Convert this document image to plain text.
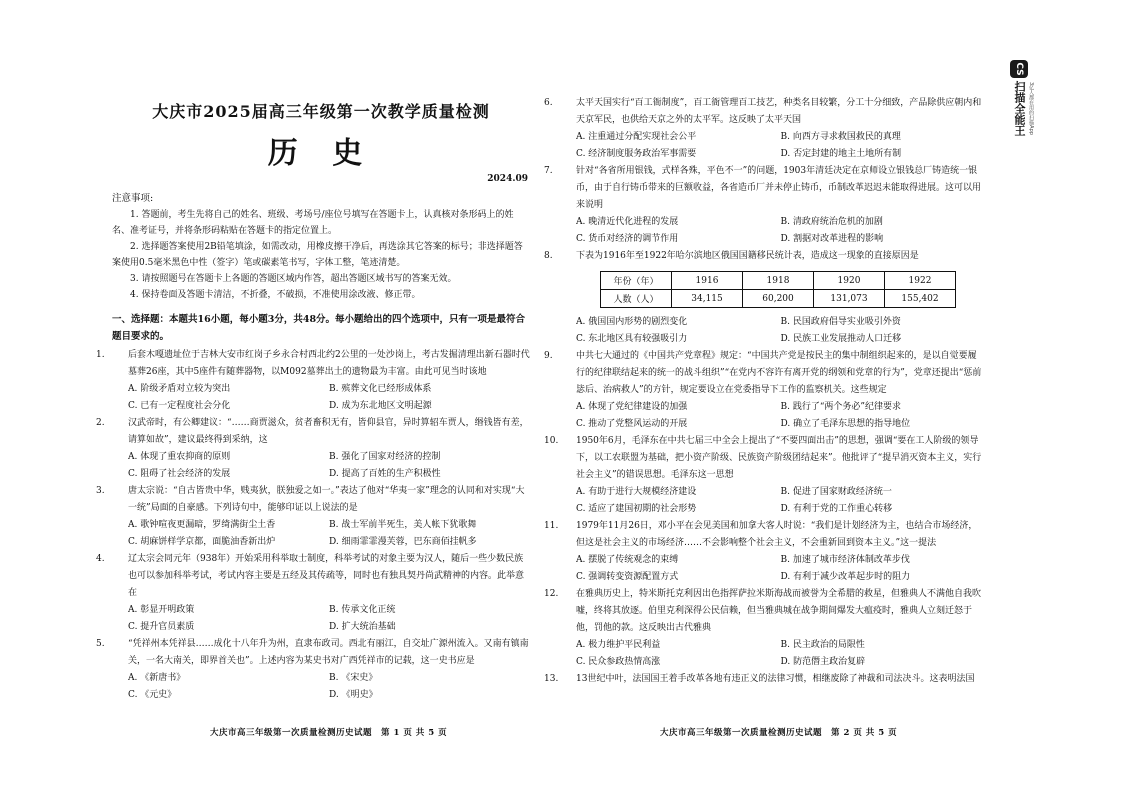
大庆市2025届高三年级第一次教学质量检测
历 史
2024.09
注意事项:

1. 答题前，考生先将自己的姓名、班级、考场号/座位号填写在答题卡上，认真核对条形码上的姓名、准考证号，并将条形码粘贴在答题卡的指定位置上。

2. 选择题答案使用2B铅笔填涂，如需改动，用橡皮擦干净后，再选涂其它答案的标号；非选择题答案使用0.5毫米黑色中性（签字）笔或碳素笔书写，字体工整，笔迹清楚。

3. 请按照题号在答题卡上各题的答题区域内作答，超出答题区域书写的答案无效。

4. 保持卷面及答题卡清洁，不折叠，不破损，不准使用涂改液、修正带。

一、选择题：本题共16小题，每小题3分，共48分。每小题给出的四个选项中，只有一项是最符合题目要求的。

1.	后套木嘎遗址位于吉林大安市红岗子乡永合村西北约2公里的一处沙岗上，考古发掘清理出新石器时代墓葬26座，其中5座件有随葬器物，以M092墓葬出土的遗物最为丰富。由此可见当时该地

A. 阶级矛盾对立较为突出	B. 殡葬文化已经形成体系
C. 已有一定程度社会分化	D. 成为东北地区文明起源

2.	汉武帝时，有公卿建议：“……商贾滋众，贫者畜积无有，皆仰县官，异时算轺车贾人，缗钱皆有差，请算如故”，建议最终得到采纳，这

A. 体现了重农抑商的原则	B. 强化了国家对经济的控制
C. 阻碍了社会经济的发展	D. 提高了百姓的生产积极性

3.	唐太宗说：“自古皆贵中华，贱夷狄，朕独爱之如一。”表达了他对“华夷一家”理念的认同和对实现“大一统”局面的自豪感。下列诗句中，能够印证以上说法的是

A. 歌钟喧夜更漏暗，罗绮满街尘土香	B. 战士军前半死生，美人帐下犹歌舞
C. 胡麻饼样学京都，面脆油香新出炉	D. 细雨霏霏漫芙蓉，巴东商佰挂帆多

4.	辽太宗会同元年（938年）开始采用科举取士制度，科举考试的对象主要为汉人，随后一些少数民族也可以参加科举考试，考试内容主要是五经及其传疏等，同时也有独具契丹尚武精神的内容。此举意在

A. 彰显开明政策	B. 传承文化正统
C. 提升官员素质	D. 扩大统治基础

5.	“凭祥州本凭祥县……成化十八年升为州，直隶布政司。西北有丽江，自交址广源州流入。又南有镇南关，一名大南关，即界首关也”。上述内容为某史书对广西凭祥市的记载，这一史书应是

A. 《新唐书》	B. 《宋史》
C. 《元史》	D. 《明史》
大庆市高三年级第一次质量检测历史试题　第 1 页 共 5 页

6.	太平天国实行“百工衙制度”，百工衙管理百工技艺，种类名目较繁，分工十分细致，产品除供应朝内和天京军民，也供给天京之外的太平军。这反映了太平天国

A. 注重通过分配实现社会公平	B. 向西方寻求救国救民的真理
C. 经济制度服务政治军事需要	D. 否定封建的地主土地所有制

7.	针对“各省所用银钱，式样各殊，平色不一”的问题，1903年清廷决定在京师设立银钱总厂铸造统一银币，由于自行铸币带来的巨额收益，各省造币厂并未停止铸币，币制改革迟迟未能取得进展。这可以用来说明

A. 晚清近代化进程的发展	B. 清政府统治危机的加剧
C. 货币对经济的调节作用	D. 割据对改革进程的影响

8.	下表为1916年至1922年哈尔滨地区俄国国籍移民统计表，造成这一现象的直接原因是

年份（年）	1916	1918	1920	1922
人数（人）	34,115	60,200	131,073	155,402
A. 俄国国内形势的剧烈变化	B. 民国政府倡导实业吸引外资
C. 东北地区具有较强吸引力	D. 民族工业发展推动人口迁移

9.	中共七大通过的《中国共产党章程》规定：“中国共产党是按民主的集中制组织起来的，是以自觉要履行的纪律联结起来的统一的战斗组织”“在党内不容许有离开党的纲领和党章的行为”，党章还提出“惩前毖后、治病救人”的方针，规定要设立在党委指导下工作的监察机关。这些规定

A. 体现了党纪律建设的加强	B. 践行了“两个务必”纪律要求
C. 推动了党整风运动的开展	D. 确立了毛泽东思想的指导地位

10. 1950年6月，毛泽东在中共七届三中全会上提出了“不要四面出击”的思想，强调“要在工人阶级的领导下，以工农联盟为基础，把小资产阶级、民族资产阶级团结起来”。他批评了“提早消灭资本主义，实行社会主义”的错误思想。毛泽东这一思想

A. 有助于进行大规模经济建设	B. 促进了国家财政经济统一
C. 适应了建国初期的社会形势	D. 有利于党的工作重心转移

11. 1979年11月26日，邓小平在会见美国和加拿大客人时说：“我们是计划经济为主，也结合市场经济，但这是社会主义的市场经济……不会影响整个社会主义，不会重新回到资本主义。”这一提法

A. 摆脱了传统观念的束缚	B. 加速了城市经济体制改革步伐
C. 强调转变资源配置方式	D. 有利于减少改革起步时的阻力

12. 在雅典历史上，特米斯托克利因出色指挥萨拉米斯海战而被誉为全希腊的救星，但雅典人不满他自我吹嘘，终将其放逐。伯里克利深得公民信赖，但当雅典城在战争期间爆发大瘟疫时，雅典人立刻迁怒于他，罚他的款。这反映出古代雅典

A. 极力维护平民利益	B. 民主政治的局限性
C. 民众参政热情高涨	D. 防范僭主政治复辟

13. 13世纪中叶，法国国王着手改革各地有违正义的法律习惯，相继废除了神裁和司法决斗。这表明法国

大庆市高三年级第一次质量检测历史试题　第 2 页 共 5 页
CS
扫描全能王 3亿人都在用的扫描App
